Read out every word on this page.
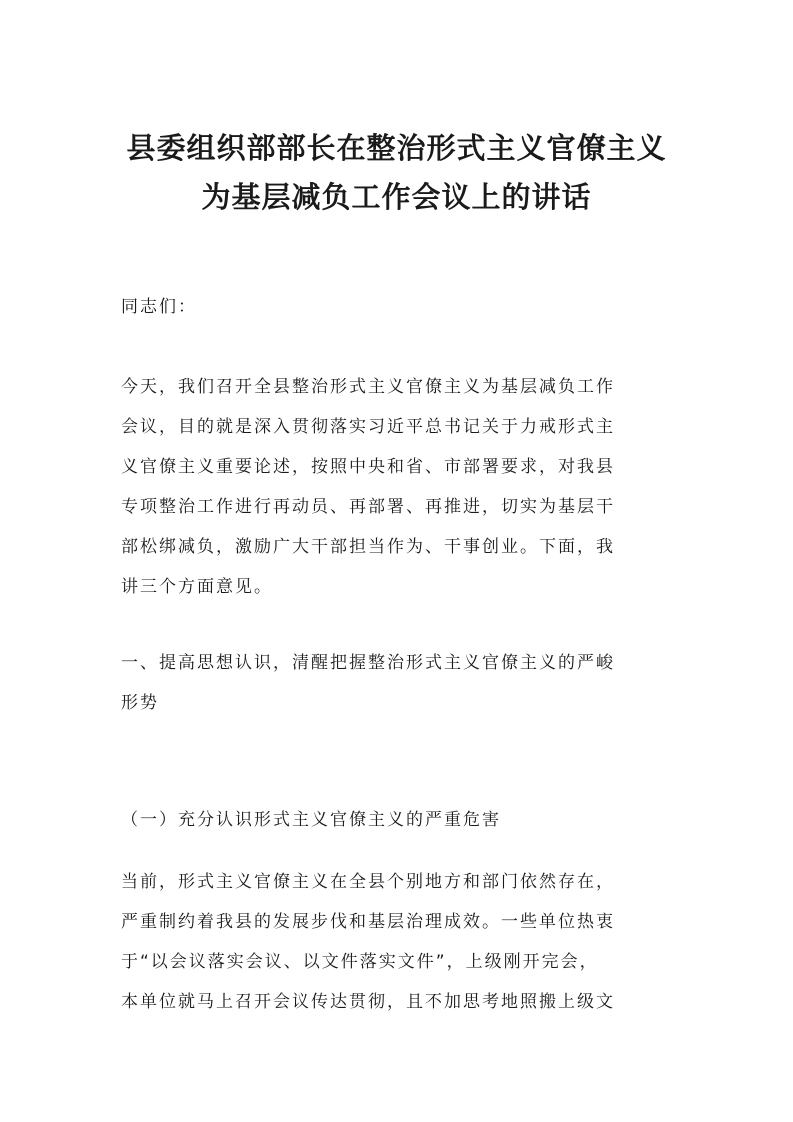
县委组织部部长在整治形式主义官僚主义
为基层减负工作会议上的讲话

同志们：

今天，我们召开全县整治形式主义官僚主义为基层减负工作
会议，目的就是深入贯彻落实习近平总书记关于力戒形式主
义官僚主义重要论述，按照中央和省、市部署要求，对我县
专项整治工作进行再动员、再部署、再推进，切实为基层干
部松绑减负，激励广大干部担当作为、干事创业。下面，我
讲三个方面意见。

一、提高思想认识，清醒把握整治形式主义官僚主义的严峻
形势

（一）充分认识形式主义官僚主义的严重危害

当前，形式主义官僚主义在全县个别地方和部门依然存在，
严重制约着我县的发展步伐和基层治理成效。一些单位热衷
于“以会议落实会议、以文件落实文件”，上级刚开完会，
本单位就马上召开会议传达贯彻，且不加思考地照搬上级文
